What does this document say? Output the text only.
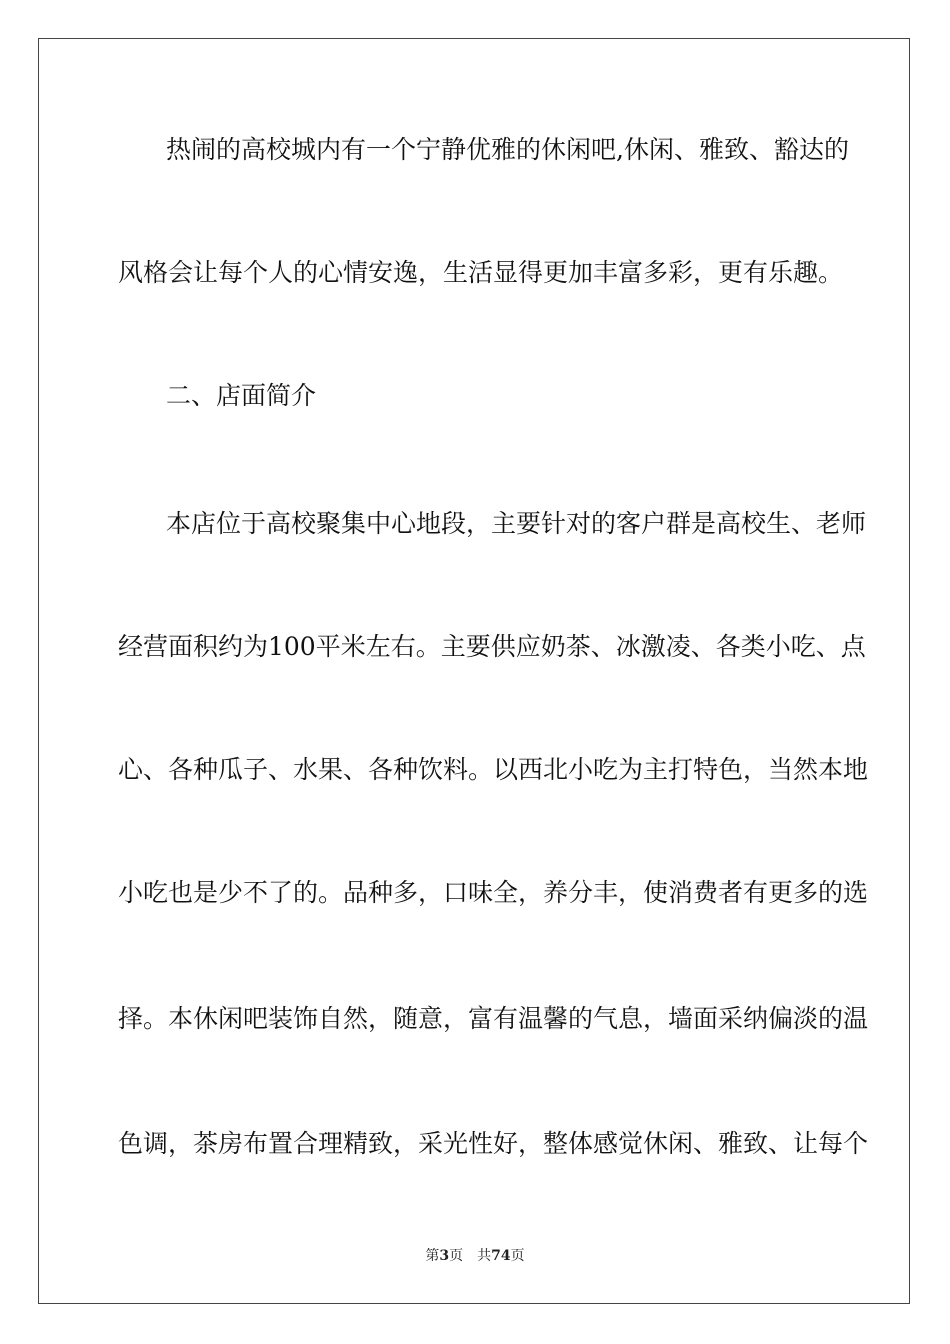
热闹的高校城内有一个宁静优雅的休闲吧,休闲、雅致、豁达的
风格会让每个人的心情安逸，生活显得更加丰富多彩，更有乐趣。
二、店面简介
本店位于高校聚集中心地段，主要针对的客户群是高校生、老师
经营面积约为100平米左右。主要供应奶茶、冰激凌、各类小吃、点
心、各种瓜子、水果、各种饮料。以西北小吃为主打特色，当然本地
小吃也是少不了的。品种多，口味全，养分丰，使消费者有更多的选
择。本休闲吧装饰自然，随意，富有温馨的气息，墙面采纳偏淡的温
色调，茶房布置合理精致，采光性好，整体感觉休闲、雅致、让每个
第3页 共74页
